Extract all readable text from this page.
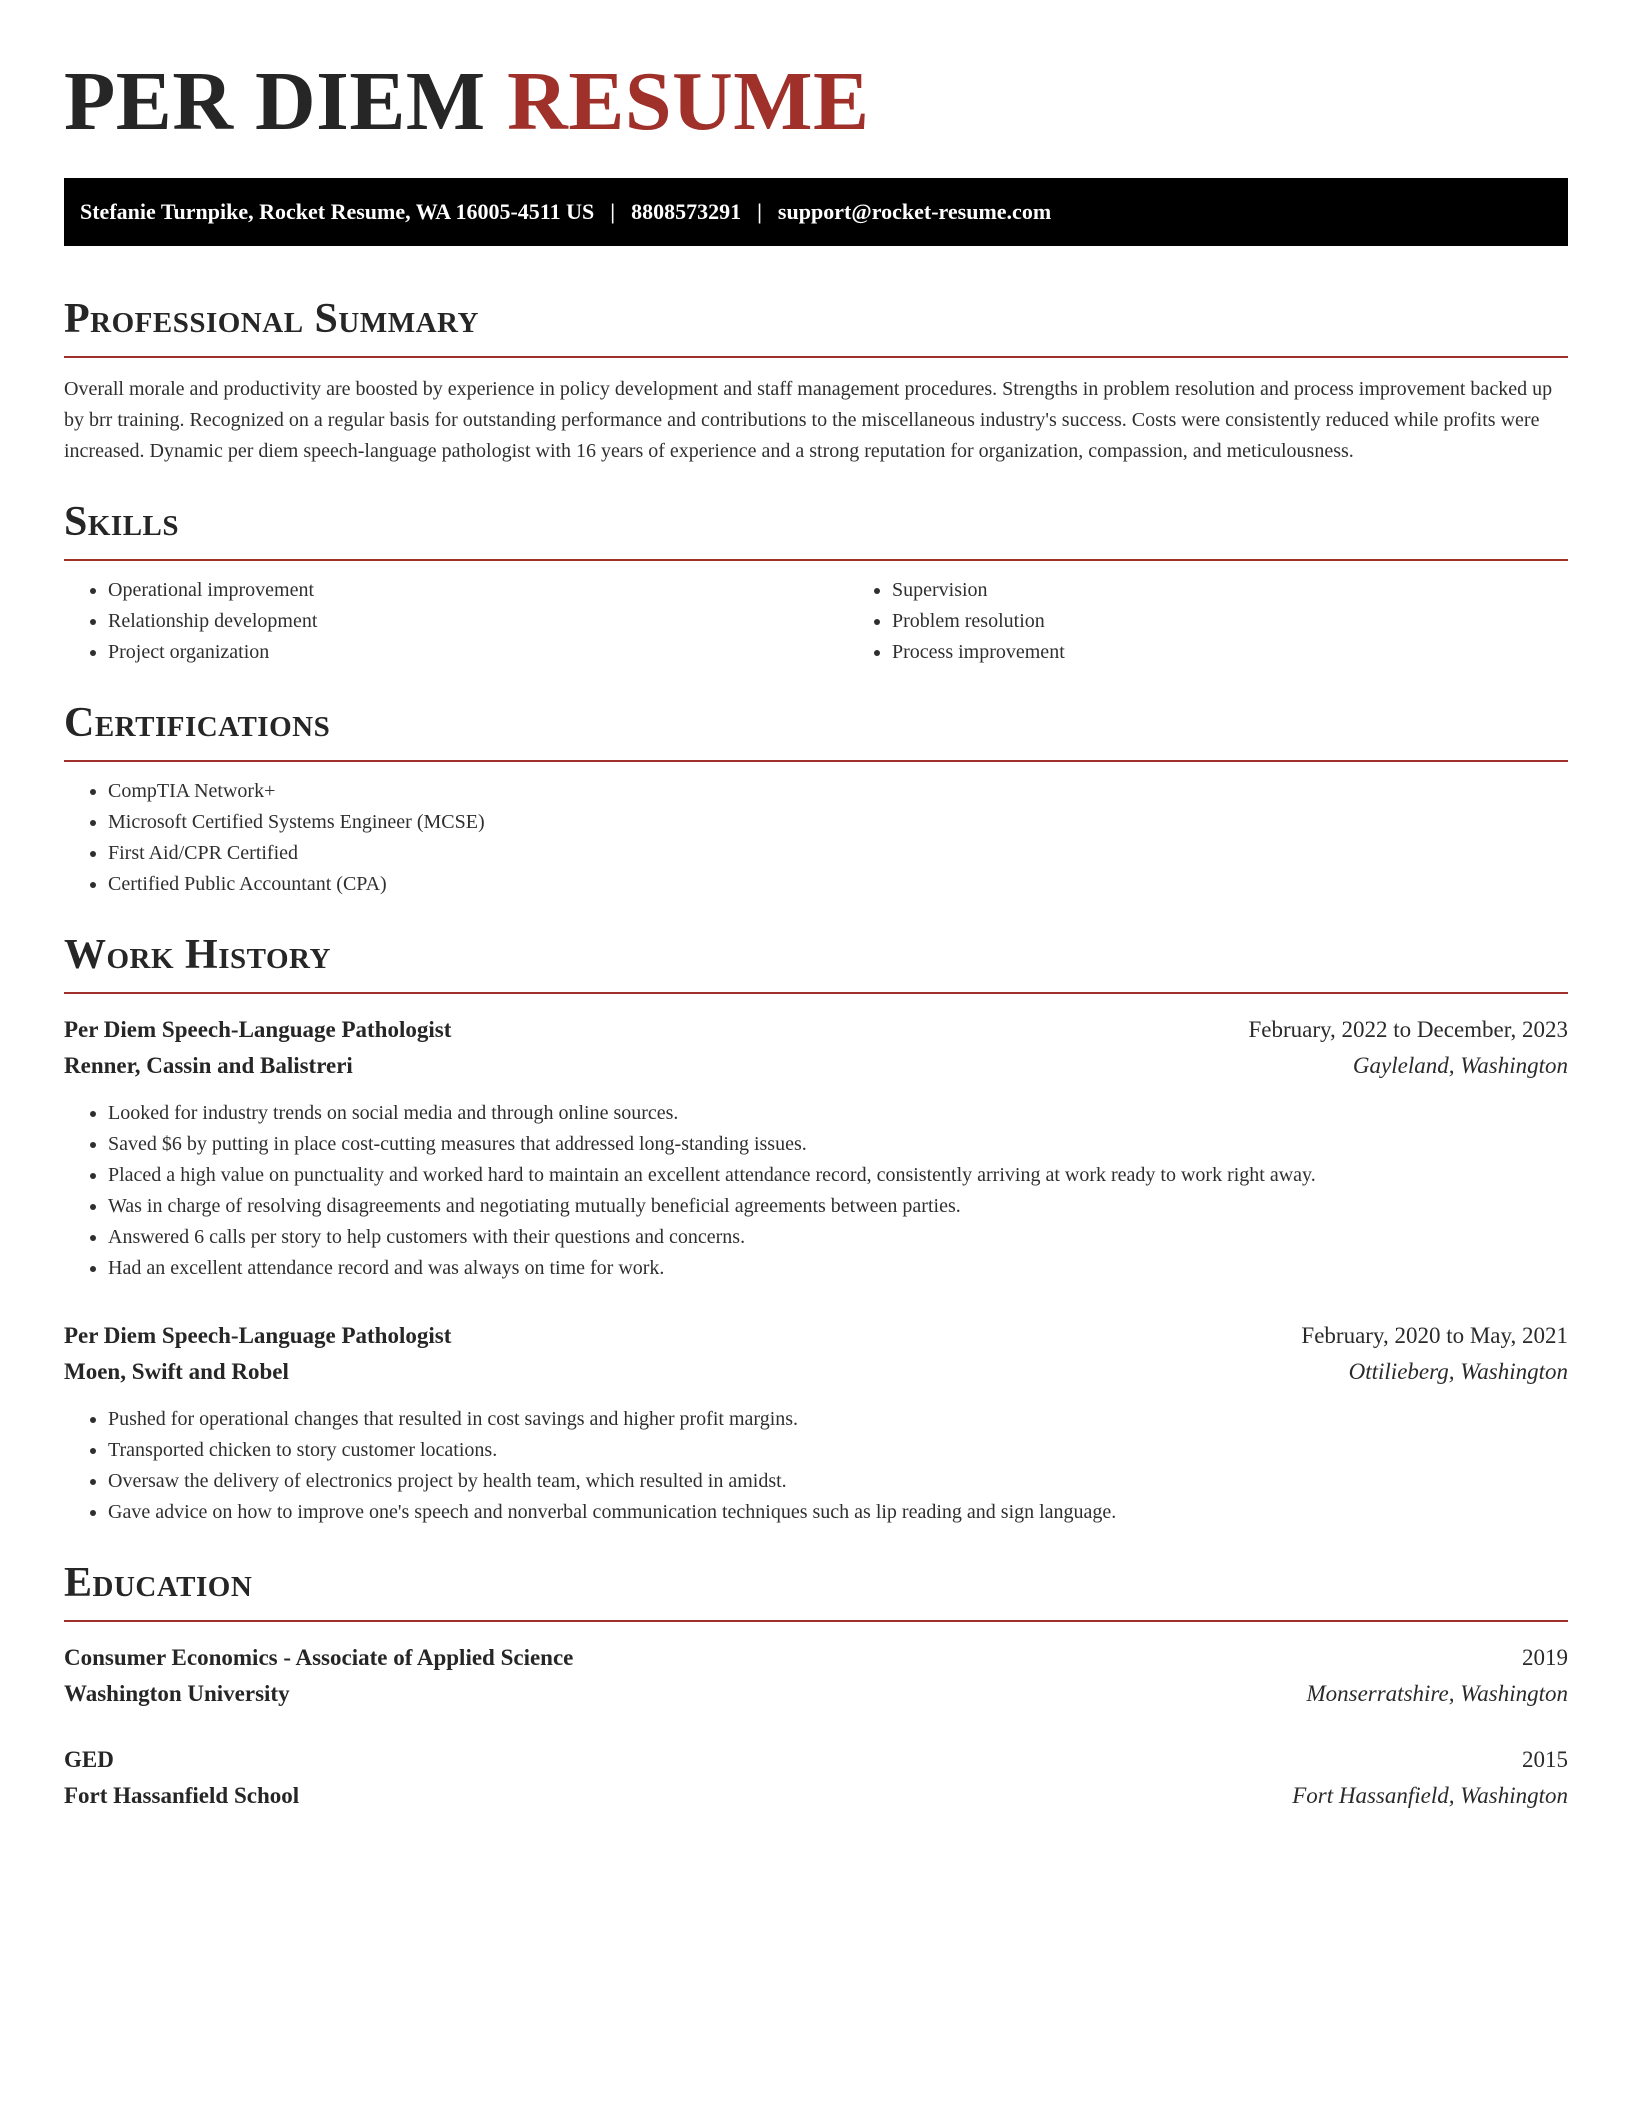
PER DIEM RESUME
Stefanie Turnpike, Rocket Resume, WA 16005-4511 US | 8808573291 | support@rocket-resume.com
Professional Summary

Overall morale and productivity are boosted by experience in policy development and staff management procedures. Strengths in problem resolution and process improvement backed up by brr training. Recognized on a regular basis for outstanding performance and contributions to the miscellaneous industry's success. Costs were consistently reduced while profits were increased. Dynamic per diem speech-language pathologist with 16 years of experience and a strong reputation for organization, compassion, and meticulousness.

Skills
• Operational improvement
• Relationship development
• Project organization
• Supervision
• Problem resolution
• Process improvement
Certifications
• CompTIA Network+
• Microsoft Certified Systems Engineer (MCSE)
• First Aid/CPR Certified
• Certified Public Accountant (CPA)
Work History
Per Diem Speech-Language Pathologist	February, 2022 to December, 2023
Renner, Cassin and Balistreri	Gayleland, Washington
• Looked for industry trends on social media and through online sources.
• Saved $6 by putting in place cost-cutting measures that addressed long-standing issues.
• Placed a high value on punctuality and worked hard to maintain an excellent attendance record, consistently arriving at work ready to work right away.
• Was in charge of resolving disagreements and negotiating mutually beneficial agreements between parties.
• Answered 6 calls per story to help customers with their questions and concerns.
• Had an excellent attendance record and was always on time for work.
Per Diem Speech-Language Pathologist	February, 2020 to May, 2021
Moen, Swift and Robel	Ottilieberg, Washington
• Pushed for operational changes that resulted in cost savings and higher profit margins.
• Transported chicken to story customer locations.
• Oversaw the delivery of electronics project by health team, which resulted in amidst.
• Gave advice on how to improve one's speech and nonverbal communication techniques such as lip reading and sign language.
Education
Consumer Economics - Associate of Applied Science	2019
Washington University	Monserratshire, Washington
GED	2015
Fort Hassanfield School	Fort Hassanfield, Washington
